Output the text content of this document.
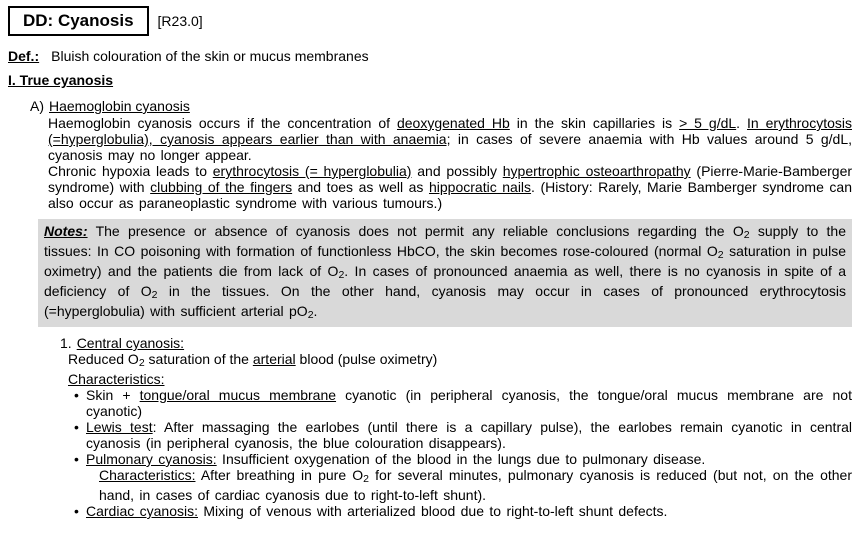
DD: Cyanosis	[R23.0]
Def.: Bluish colouration of the skin or mucus membranes
I. True cyanosis
A) Haemoglobin cyanosis
Haemoglobin cyanosis occurs if the concentration of deoxygenated Hb in the skin capillaries is > 5 g/dL. In erythrocytosis (=hyperglobulia), cyanosis appears earlier than with anaemia; in cases of severe anaemia with Hb values around 5 g/dL, cyanosis may no longer appear.
Chronic hypoxia leads to erythrocytosis (= hyperglobulia) and possibly hypertrophic osteoarthropathy (Pierre-Marie-Bamberger syndrome) with clubbing of the fingers and toes as well as hippocratic nails. (History: Rarely, Marie Bamberger syndrome can also occur as paraneoplastic syndrome with various tumours.)
Notes: The presence or absence of cyanosis does not permit any reliable conclusions regarding the O2 supply to the tissues: In CO poisoning with formation of functionless HbCO, the skin becomes rose-coloured (normal O2 saturation in pulse oximetry) and the patients die from lack of O2. In cases of pronounced anaemia as well, there is no cyanosis in spite of a deficiency of O2 in the tissues. On the other hand, cyanosis may occur in cases of pronounced erythrocytosis (=hyperglobulia) with sufficient arterial pO2.
1. Central cyanosis:
Reduced O2 saturation of the arterial blood (pulse oximetry)
Characteristics:
• Skin + tongue/oral mucus membrane cyanotic (in peripheral cyanosis, the tongue/oral mucus membrane are not cyanotic)
• Lewis test: After massaging the earlobes (until there is a capillary pulse), the earlobes remain cyanotic in central cyanosis (in peripheral cyanosis, the blue colouration disappears).
• Pulmonary cyanosis: Insufficient oxygenation of the blood in the lungs due to pulmonary disease.
Characteristics: After breathing in pure O2 for several minutes, pulmonary cyanosis is reduced (but not, on the other hand, in cases of cardiac cyanosis due to right-to-left shunt).
• Cardiac cyanosis: Mixing of venous with arterialized blood due to right-to-left shunt defects.
